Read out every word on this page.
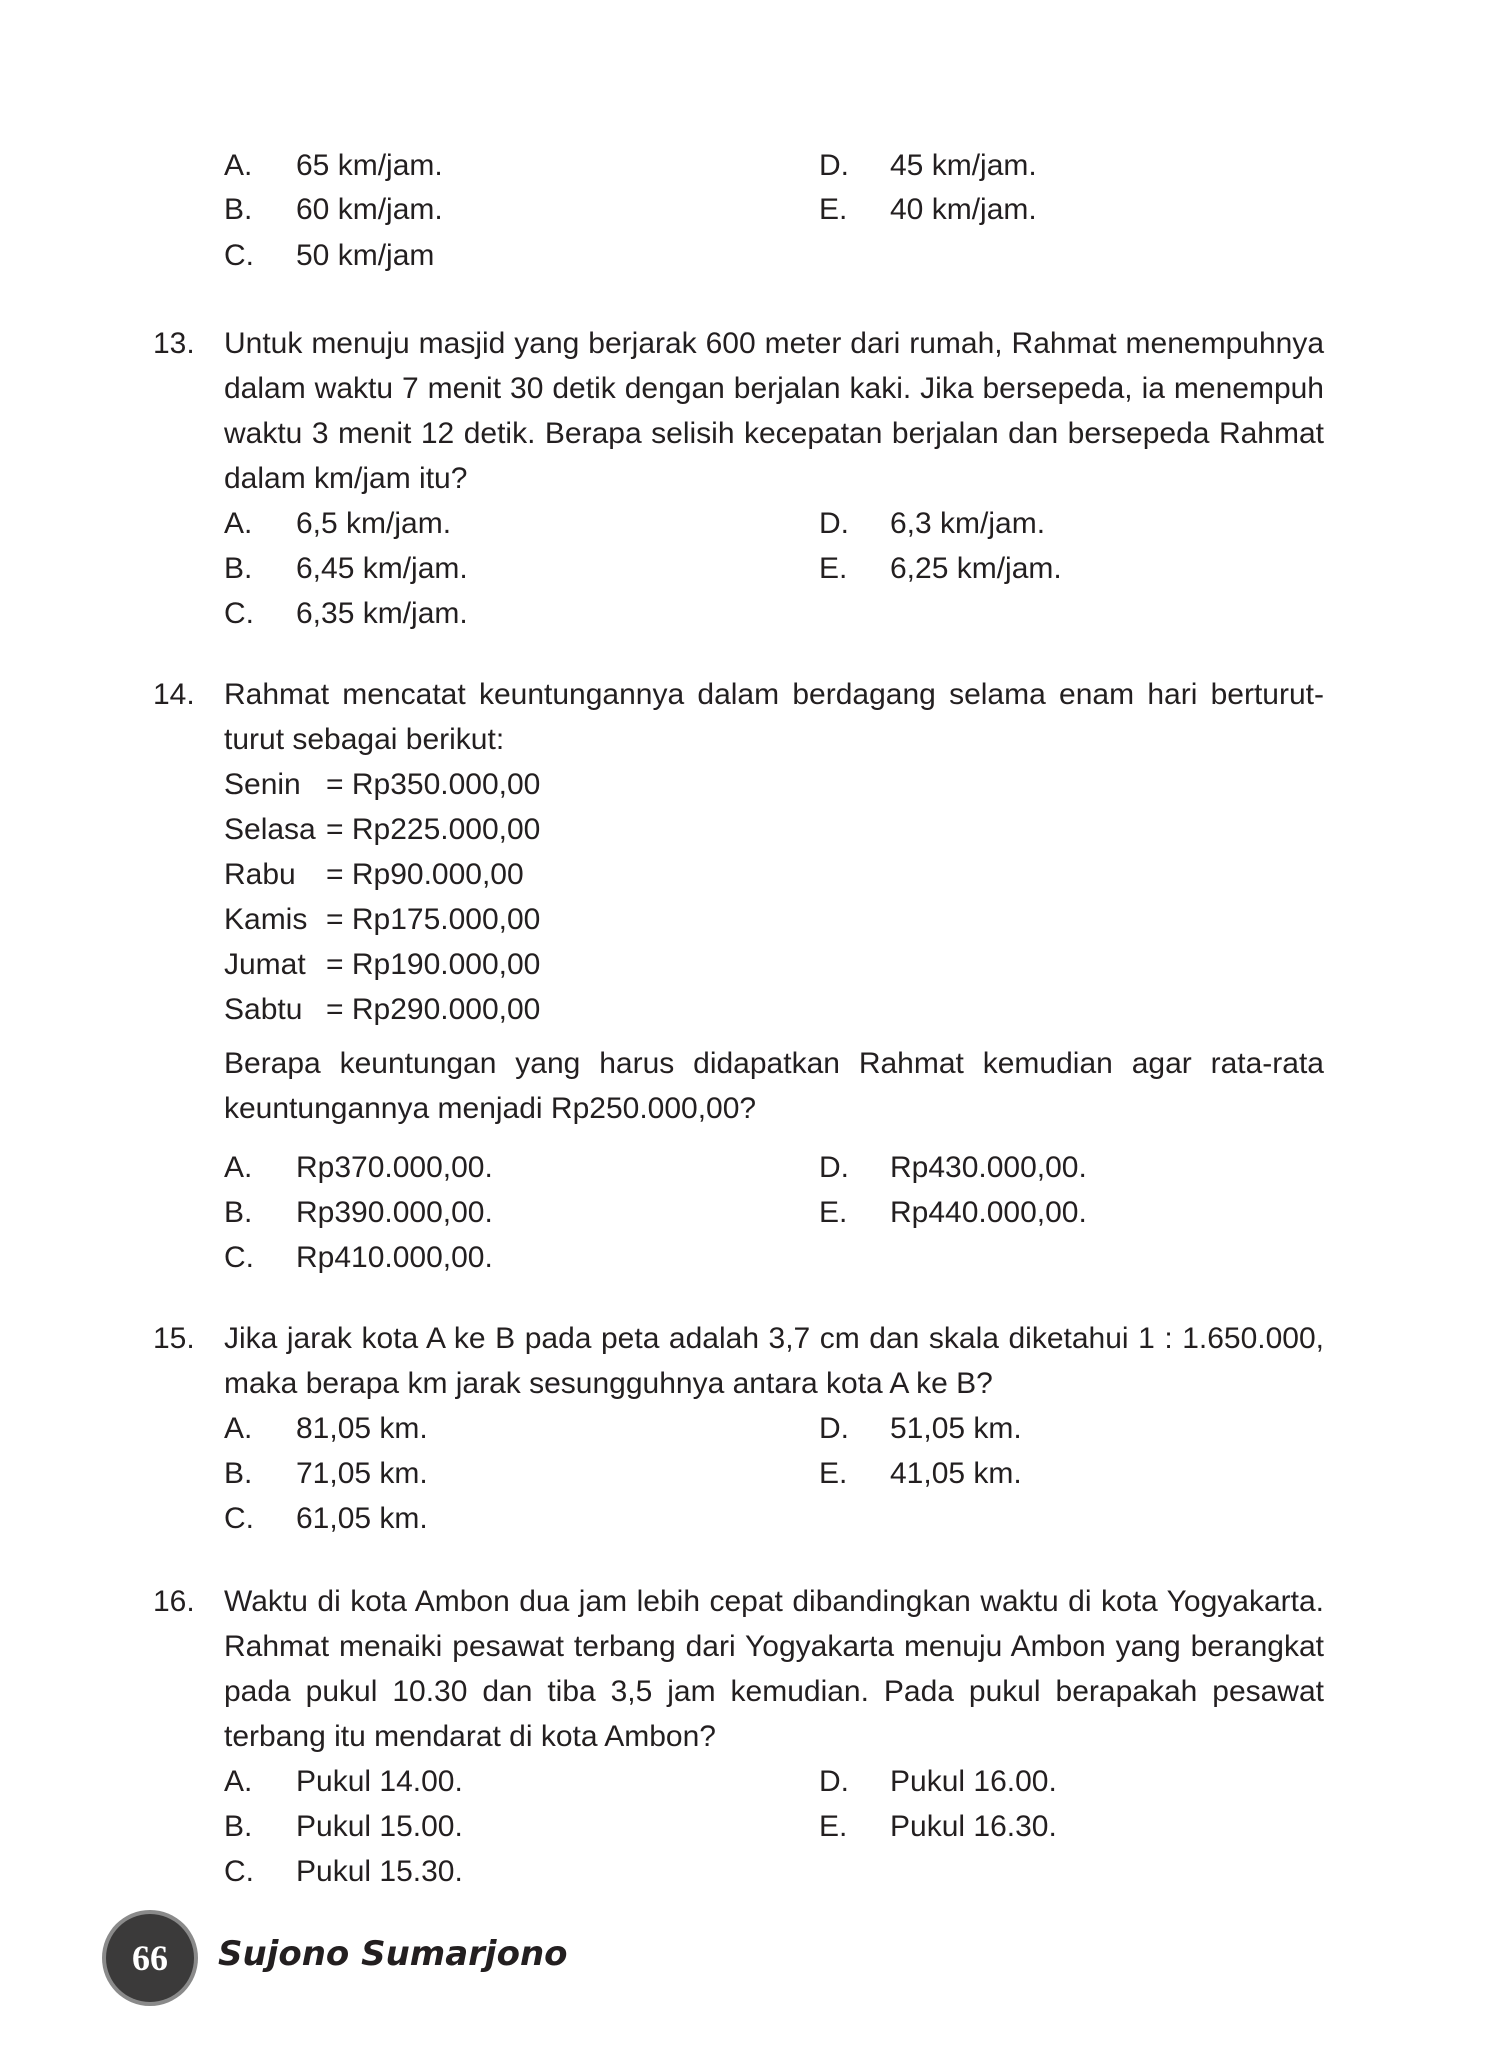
A. 65 km/jam.
B. 60 km/jam.
C. 50 km/jam
D. 45 km/jam.
E. 40 km/jam.
13. Untuk menuju masjid yang berjarak 600 meter dari rumah, Rahmat menempuhnya
dalam waktu 7 menit 30 detik dengan berjalan kaki. Jika bersepeda, ia menempuh
waktu 3 menit 12 detik. Berapa selisih kecepatan berjalan dan bersepeda Rahmat
dalam km/jam itu?
A. 6,5 km/jam.
B. 6,45 km/jam.
C. 6,35 km/jam.
D. 6,3 km/jam.
E. 6,25 km/jam.
14. Rahmat mencatat keuntungannya dalam berdagang selama enam hari berturut-
turut sebagai berikut:
Senin = Rp350.000,00
Selasa = Rp225.000,00
Rabu = Rp90.000,00
Kamis = Rp175.000,00
Jumat = Rp190.000,00
Sabtu = Rp290.000,00
Berapa keuntungan yang harus didapatkan Rahmat kemudian agar rata-rata
keuntungannya menjadi Rp250.000,00?
A. Rp370.000,00.
B. Rp390.000,00.
C. Rp410.000,00.
D. Rp430.000,00.
E. Rp440.000,00.
15. Jika jarak kota A ke B pada peta adalah 3,7 cm dan skala diketahui 1 : 1.650.000,
maka berapa km jarak sesungguhnya antara kota A ke B?
A. 81,05 km.
B. 71,05 km.
C. 61,05 km.
D. 51,05 km.
E. 41,05 km.
16. Waktu di kota Ambon dua jam lebih cepat dibandingkan waktu di kota Yogyakarta.
Rahmat menaiki pesawat terbang dari Yogyakarta menuju Ambon yang berangkat
pada pukul 10.30 dan tiba 3,5 jam kemudian. Pada pukul berapakah pesawat
terbang itu mendarat di kota Ambon?
A. Pukul 14.00.
B. Pukul 15.00.
C. Pukul 15.30.
D. Pukul 16.00.
E. Pukul 16.30.
66 Sujono Sumarjono
